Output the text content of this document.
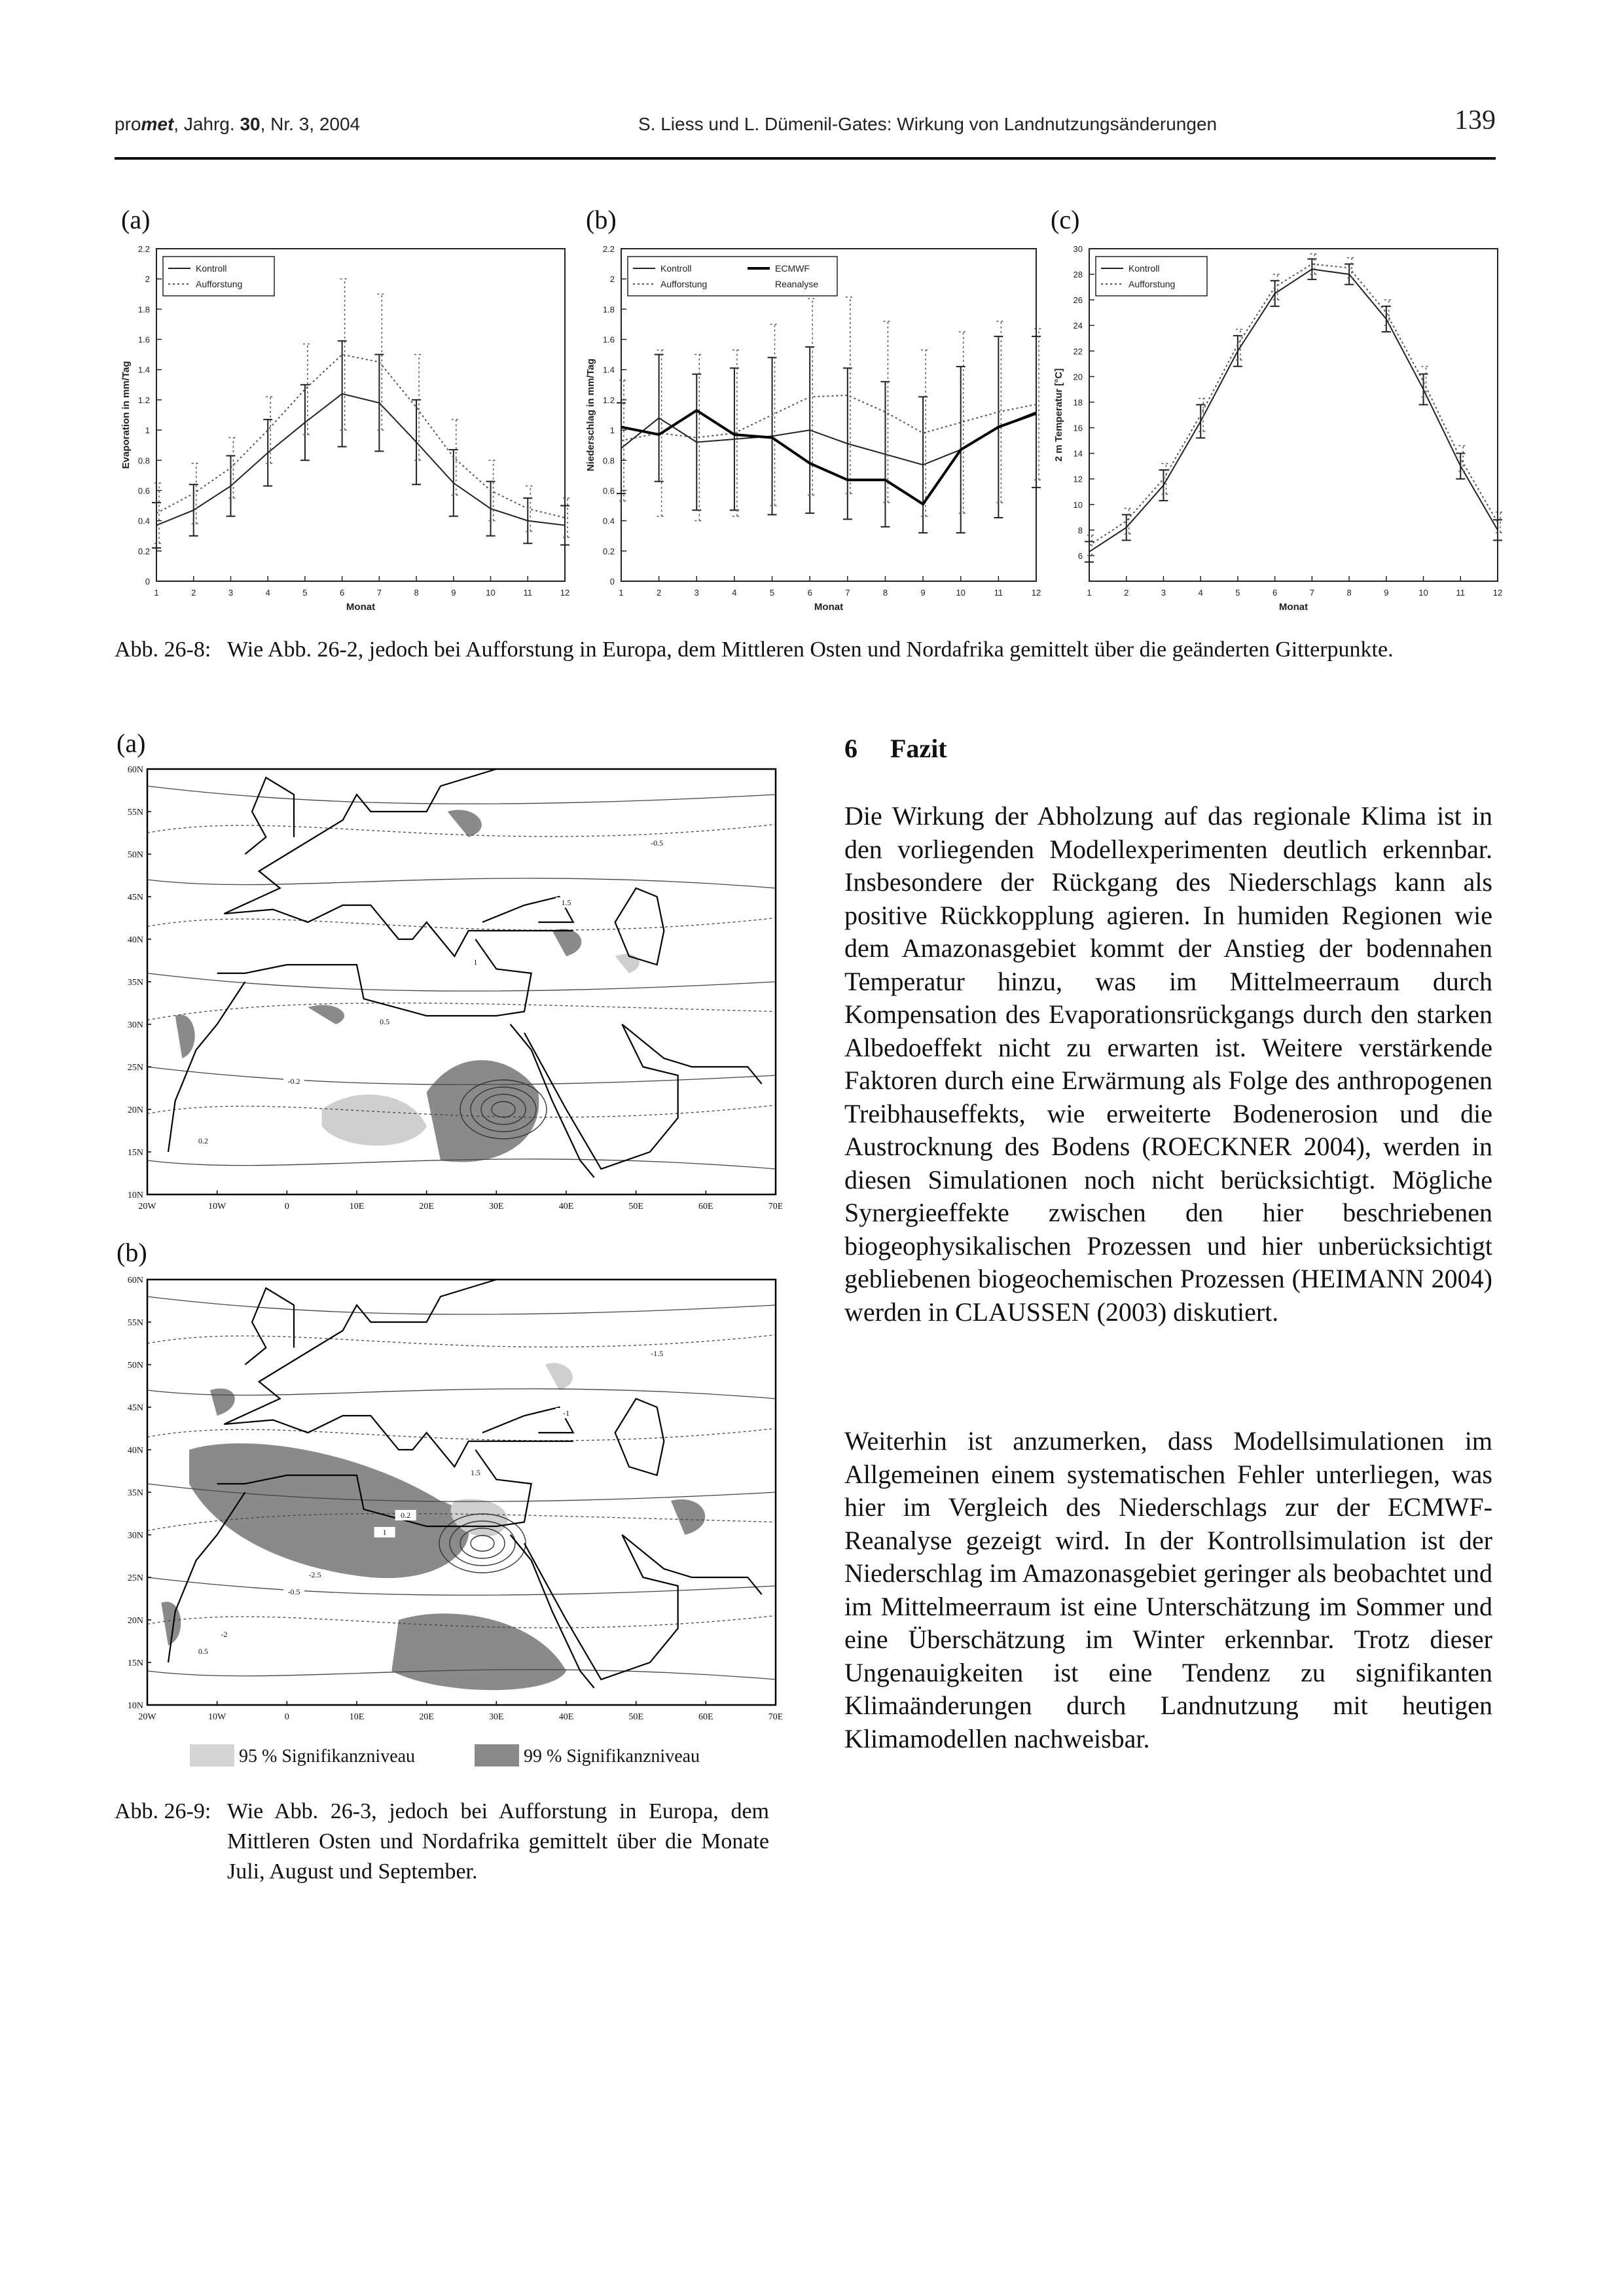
promet, Jahrg. 30, Nr. 3, 2004	S. Liess und L. Dümenil-Gates: Wirkung von Landnutzungsänderungen	139
(a)	(b)	(c)
0
0.2
0.4
0.6
0.8
1
1.2
1.4
1.6
1.8
2
2.2
1	2	3	4	5	6	7	8	9	10	11	12
Monat
Evaporation in mm/Tag
Kontroll
Aufforstung
0
0.2
0.4
0.6
0.8
1
1.2
1.4
1.6
1.8
2
2.2
1	2	3	4	5	6	7	8	9	10	11	12
Monat
Niederschlag in mm/Tag
Kontroll
Aufforstung
ECMWF
Reanalyse
6
8
10
12
14
16
18
20
22
24
26
28
30
1	2	3	4	5	6	7	8	9	10	11	12
Monat
2 m Temperatur [°C]
Kontroll
Aufforstung
Abb. 26-8: Wie Abb. 26-2, jedoch bei Aufforstung in Europa, dem Mittleren Osten und Nordafrika gemittelt über die geänderten Gitterpunkte.
(a)
0.2
-0.2
0.5
1
1.5
-0.5
10N
15N
20N
25N
30N
35N
40N
45N
50N
55N
60N
20W	10W	0	10E	20E	30E	40E	50E	60E	70E
(b)
0.5
-0.5
1
1.5
-1
-1.5
-2
-2.5
0.2
10N
15N
20N
25N
30N
35N
40N
45N
50N
55N
60N
20W	10W	0	10E	20E	30E	40E	50E	60E	70E
95 % Signifikanzniveau	99 % Signifikanzniveau
Abb. 26-9: Wie Abb. 26-3, jedoch bei Aufforstung in Europa, dem Mittleren Osten und Nordafrika gemittelt über die Monate Juli, August und September.
6 Fazit
Die Wirkung der Abholzung auf das regionale Klima ist in den vorliegenden Modellexperimenten deutlich erkennbar. Insbesondere der Rückgang des Niederschlags kann als positive Rückkopplung agieren. In humiden Regionen wie dem Amazonasgebiet kommt der Anstieg der bodennahen Temperatur hinzu, was im Mittelmeerraum durch Kompensation des Evaporationsrückgangs durch den starken Albedoeffekt nicht zu erwarten ist. Weitere verstärkende Faktoren durch eine Erwärmung als Folge des anthropogenen Treibhauseffekts, wie erweiterte Bodenerosion und die Austrocknung des Bodens (ROECKNER 2004), werden in diesen Simulationen noch nicht berücksichtigt. Mögliche Synergieeffekte zwischen den hier beschriebenen biogeophysikalischen Prozessen und hier unberücksichtigt gebliebenen biogeochemischen Prozessen (HEIMANN 2004) werden in CLAUSSEN (2003) diskutiert.
Weiterhin ist anzumerken, dass Modellsimulationen im Allgemeinen einem systematischen Fehler unterliegen, was hier im Vergleich des Niederschlags zur der ECMWF-Reanalyse gezeigt wird. In der Kontrollsimulation ist der Niederschlag im Amazonasgebiet geringer als beobachtet und im Mittelmeerraum ist eine Unterschätzung im Sommer und eine Überschätzung im Winter erkennbar. Trotz dieser Ungenauigkeiten ist eine Tendenz zu signifikanten Klimaänderungen durch Landnutzung mit heutigen Klimamodellen nachweisbar.
